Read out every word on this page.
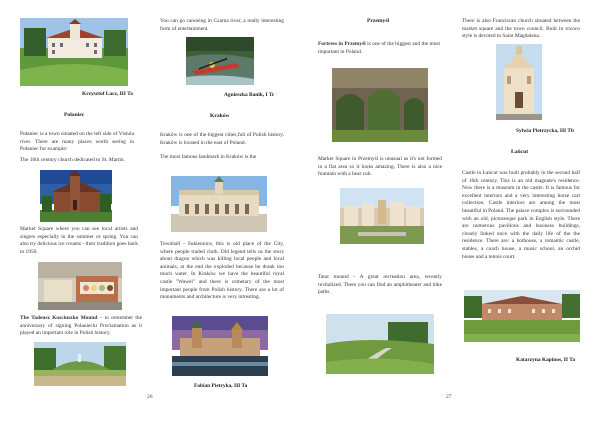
Krzysztof Lacz, III Ta
Połaniec

Połaniec is a town situated on the left side of Vistula river. There are many places worth seeing in Połaniec for example:

The 18th century church dedicated to St. Martin.

Market Square where you can see local artists and singers especially in the summer or spring. You can also try delicious ice creams - their tradition goes back to 1950.

The Tadeusz Kosciuszko Mound – to remember the anniversary of signing Połaniecki Proclamation as it played an important role in Polish history.

You can go canoeing in Czarna river, a really interesting form of entertainment.

Agnieszka Banik, I Tc
Kraków

Kraków is one of the biggest cities,full of Polish history. Kraków is located in the east of Poland.

The most famous landmark in Kraków is the

Townhall - Sukiennice, this is old place of the City, where people traded cloth. Old legend tells us the story about dragon which was killing local people and local animals, at the end the exploded because he drank too much water. In Kraków we have the beautiful royal castle "Wawel" and there is cemetary of the most important people from Polish history. There are a lot of monuments and architecture is very intresting.

Fabian Pietryka, III Ta
26
Przemyśl

Fortress in Przemyśl is one of the biggest and the most important in Poland.

Market Square in Przemyśl is unusual as it's not formed in a flat area so it looks amazing. There is also a nice fountain with a bear cub.

Tatar mound - A great recreation area, recently revitalized. There you can find an amphitheater and bike paths.

27

There is also Franciscan church situated between the market square and the town council. Built in rococo style is devoted to Saint Magdalena.

Sylwia Pietrzycka, III Tb
Łańcut

Castle in Łańcut was built probably in the second half of 16th century. This is an old magnate's residence. Now there is a museum in the castle. It is famous for excellent interiors and a very interesting horse cart collection. Castle interiors are among the most beautiful in Poland. The palace complex is surrounded with an old, picturesque park in English style. There are numerous pavilions and business buildings, closely linked once with the daily life of the the residence. There are: a hothouse, a romantic castle, stables, a coach house, a music school, an orchid house and a tennis court.

Katarzyna Kapinos, II Ta
